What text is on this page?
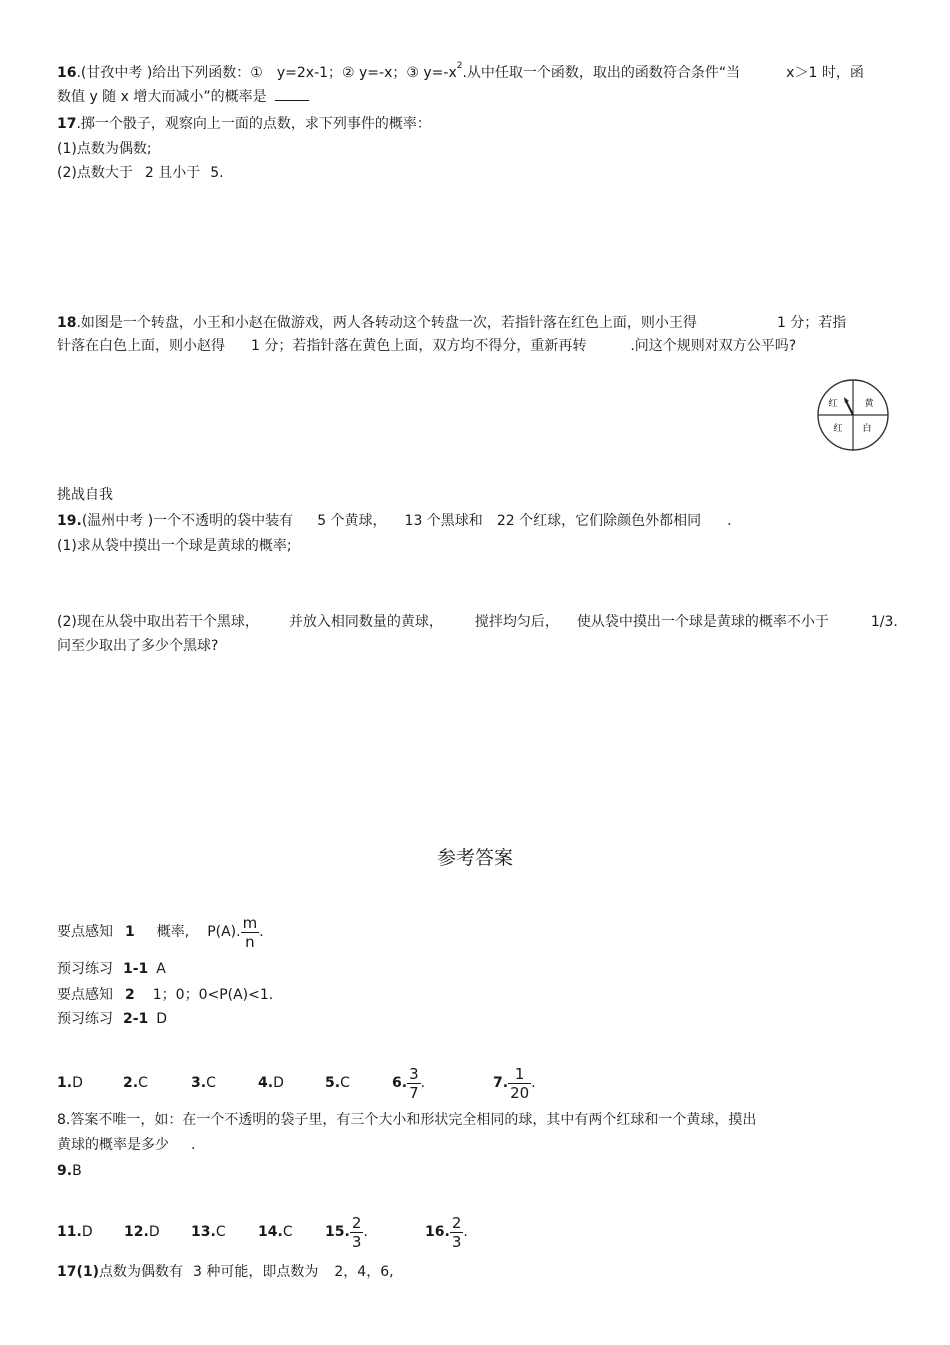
16.(甘孜中考 )给出下列函数：① y=2x-1；② y=-x；③ $y=-x^2$.从中任取一个函数，取出的函数符合条件“当	x＞1 时，函
数值 y 随 x 增大而减小”的概率是
17.掷一个骰子，观察向上一面的点数，求下列事件的概率：
(1)点数为偶数;
(2)点数大于 2 且小于 5.
18.如图是一个转盘，小王和小赵在做游戏，两人各转动这个转盘一次，若指针落在红色上面，则小王得	1 分；若指
针落在白色上面，则小赵得 1 分；若指针落在黄色上面，双方均不得分，重新再转	.问这个规则对双方公平吗?
红	黄
红 白
挑战自我
19.(温州中考 )一个不透明的袋中装有 5 个黄球， 13 个黑球和 22 个红球，它们除颜色外都相同 .
(1)求从袋中摸出一个球是黄球的概率;
(2)现在从袋中取出若干个黑球， 并放入相同数量的黄球， 搅拌均匀后， 使从袋中摸出一个球是黄球的概率不小于	1/3.
问至少取出了多少个黑球?
参考答案
要点感知 1 概率, P(A). $\frac{m}{n}$ .
预习练习 1-1 A
要点感知 2 1；0；0<P(A)<1.
预习练习 2-1 D
1.D	2.C	3.C	4.D	5.C	6. $\frac{3}{7}$ .	7. $\frac{1}{20}$ .
8.答案不唯一，如：在一个不透明的袋子里，有三个大小和形状完全相同的球，其中有两个红球和一个黄球，摸出
黄球的概率是多少 .
9.B
11.D 12.D 13.C 14.C 15. $\frac{2}{3}$ .	16. $\frac{2}{3}$ .
17(1)点数为偶数有 3 种可能，即点数为 2，4，6,
